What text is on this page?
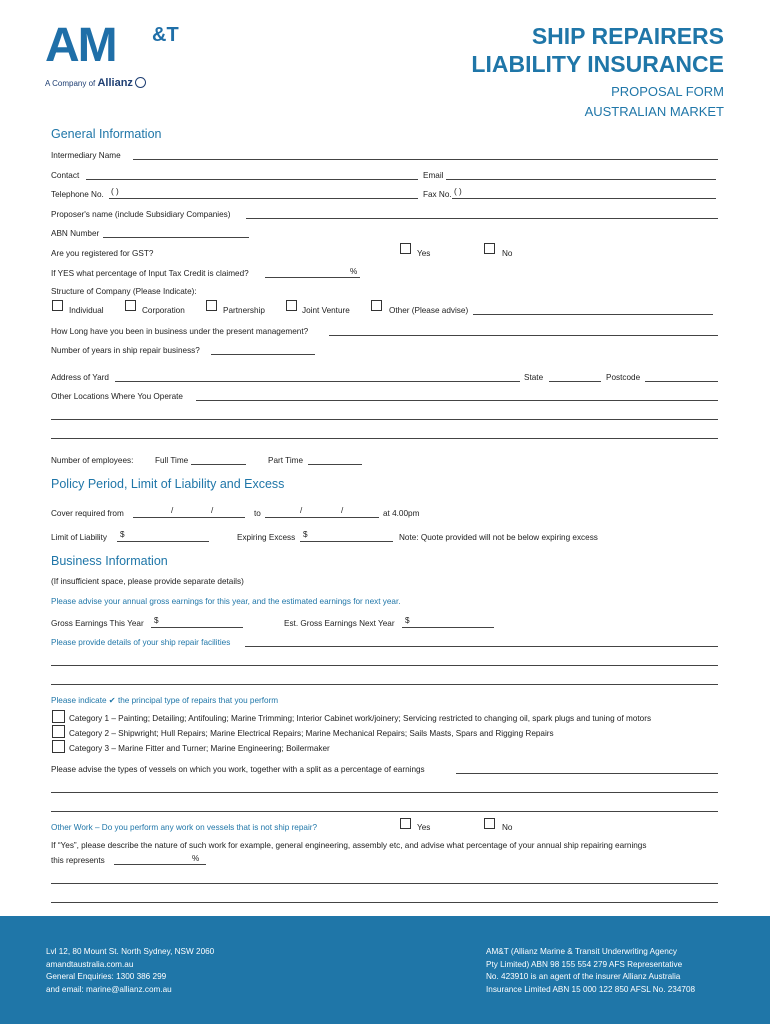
AM &T
A Company of Allianz
SHIP REPAIRERS
LIABILITY INSURANCE
PROPOSAL FORM
AUSTRALIAN MARKET
General Information
Intermediary Name
Contact	Email
Telephone No. ( )	Fax No. ( )
Proposer's name (include Subsidiary Companies)
ABN Number
Are you registered for GST?	Yes	No
If YES what percentage of Input Tax Credit is claimed?	%
Structure of Company (Please Indicate):
Individual	Corporation	Partnership	Joint Venture	Other (Please advise)
How Long have you been in business under the present management?
Number of years in ship repair business?
Address of Yard	State	Postcode
Other Locations Where You Operate
Number of employees:	Full Time	Part Time
Policy Period, Limit of Liability and Excess
Cover required from	/	/	to	/	/	at 4.00pm
Limit of Liability $	Expiring Excess $	Note: Quote provided will not be below expiring excess
Business Information
(If insufficient space, please provide separate details)
Please advise your annual gross earnings for this year, and the estimated earnings for next year.
Gross Earnings This Year $	Est. Gross Earnings Next Year $
Please provide details of your ship repair facilities
Please indicate ✔ the principal type of repairs that you perform
Category 1 – Painting; Detailing; Antifouling; Marine Trimming; Interior Cabinet work/joinery; Servicing restricted to changing oil, spark plugs and tuning of motors
Category 2 – Shipwright; Hull Repairs; Marine Electrical Repairs; Marine Mechanical Repairs; Sails Masts, Spars and Rigging Repairs
Category 3 – Marine Fitter and Turner; Marine Engineering; Boilermaker
Please advise the types of vessels on which you work, together with a split as a percentage of earnings
Other Work – Do you perform any work on vessels that is not ship repair?	Yes	No
If “Yes”, please describe the nature of such work for example, general engineering, assembly etc, and advise what percentage of your annual ship repairing earnings
this represents	%
Lvl 12, 80 Mount St. North Sydney, NSW 2060
amandtaustralia.com.au
General Enquiries: 1300 386 299
and email: marine@allianz.com.au
AM&T (Allianz Marine & Transit Underwriting Agency
Pty Limited) ABN 98 155 554 279 AFS Representative
No. 423910 is an agent of the insurer Allianz Australia
Insurance Limited ABN 15 000 122 850 AFSL No. 234708
